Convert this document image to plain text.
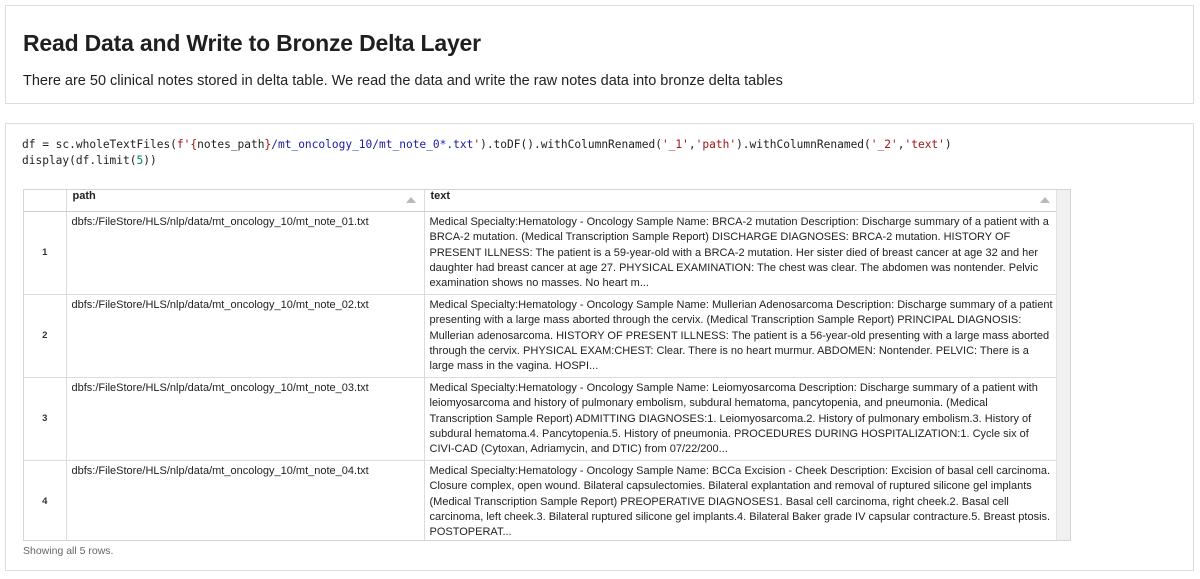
Read Data and Write to Bronze Delta Layer
There are 50 clinical notes stored in delta table. We read the data and write the raw notes data into bronze delta tables
df = sc.wholeTextFiles(f'{notes_path}/mt_oncology_10/mt_note_0*.txt').toDF().withColumnRenamed('_1','path').withColumnRenamed('_2','text')
display(df.limit(5))
	path	text

1	dbfs:/FileStore/HLS/nlp/data/mt_oncology_10/mt_note_01.txt	Medical Specialty:Hematology - Oncology Sample Name: BRCA-2 mutation Description: Discharge summary of a patient with a BRCA-2 mutation. (Medical Transcription Sample Report) DISCHARGE DIAGNOSES: BRCA-2 mutation. HISTORY OF PRESENT ILLNESS: The patient is a 59-year-old with a BRCA-2 mutation. Her sister died of breast cancer at age 32 and her daughter had breast cancer at age 27. PHYSICAL EXAMINATION: The chest was clear. The abdomen was nontender. Pelvic examination shows no masses. No heart m...
2	dbfs:/FileStore/HLS/nlp/data/mt_oncology_10/mt_note_02.txt	Medical Specialty:Hematology - Oncology Sample Name: Mullerian Adenosarcoma Description: Discharge summary of a patient presenting with a large mass aborted through the cervix. (Medical Transcription Sample Report) PRINCIPAL DIAGNOSIS: Mullerian adenosarcoma. HISTORY OF PRESENT ILLNESS: The patient is a 56-year-old presenting with a large mass aborted through the cervix. PHYSICAL EXAM:CHEST: Clear. There is no heart murmur. ABDOMEN: Nontender. PELVIC: There is a large mass in the vagina. HOSPI...
3	dbfs:/FileStore/HLS/nlp/data/mt_oncology_10/mt_note_03.txt	Medical Specialty:Hematology - Oncology Sample Name: Leiomyosarcoma Description: Discharge summary of a patient with leiomyosarcoma and history of pulmonary embolism, subdural hematoma, pancytopenia, and pneumonia. (Medical Transcription Sample Report) ADMITTING DIAGNOSES:1. Leiomyosarcoma.2. History of pulmonary embolism.3. History of subdural hematoma.4. Pancytopenia.5. History of pneumonia. PROCEDURES DURING HOSPITALIZATION:1. Cycle six of CIVI-CAD (Cytoxan, Adriamycin, and DTIC) from 07/22/200...
4	dbfs:/FileStore/HLS/nlp/data/mt_oncology_10/mt_note_04.txt	Medical Specialty:Hematology - Oncology Sample Name: BCCa Excision - Cheek Description: Excision of basal cell carcinoma. Closure complex, open wound. Bilateral capsulectomies. Bilateral explantation and removal of ruptured silicone gel implants (Medical Transcription Sample Report) PREOPERATIVE DIAGNOSES1. Basal cell carcinoma, right cheek.2. Basal cell carcinoma, left cheek.3. Bilateral ruptured silicone gel implants.4. Bilateral Baker grade IV capsular contracture.5. Breast ptosis. POSTOPERAT...
Showing all 5 rows.
